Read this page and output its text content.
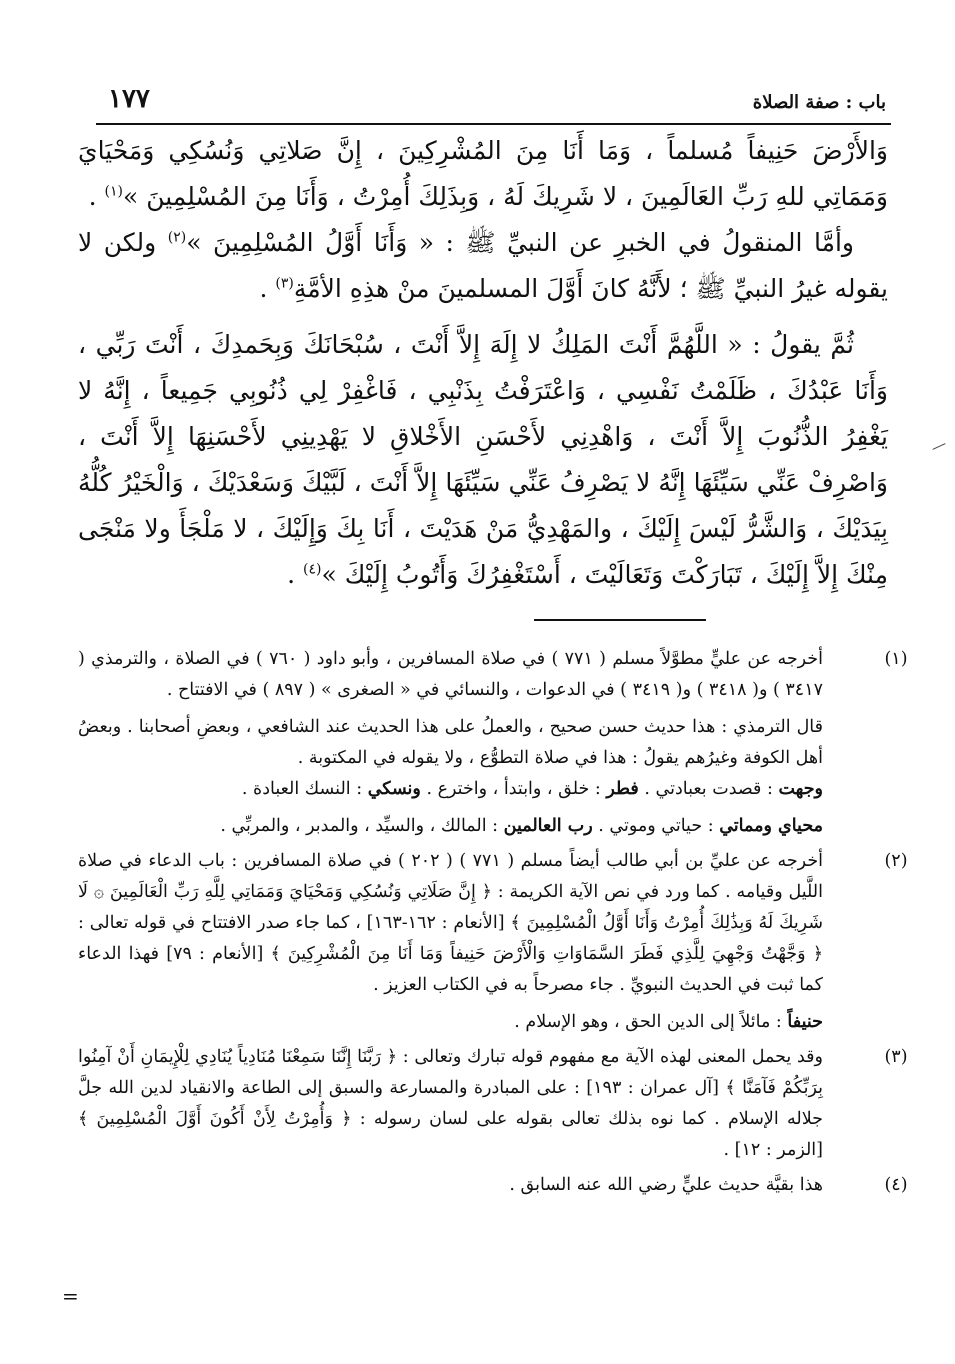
باب : صفة الصلاة
١٧٧

وَالأَرْضَ حَنِيفاً مُسلماً ، وَمَا أَنَا مِنَ المُشْرِكِينَ ، إِنَّ صَلاتِي وَنُسُكِي وَمَحْيَايَ وَمَمَاتِي للهِ رَبِّ العَالَمِينَ ، لا شَرِيكَ لَهُ ، وَبِذَلِكَ أُمِرْتُ ، وَأَنَا مِنَ المُسْلِمِينَ »$^{(١)}$ .

وأمَّا المنقولُ في الخبرِ عن النبيِّ ﷺ : « وَأَنَا أَوَّلُ المُسْلِمِينَ »$^{(٢)}$ ولكن لا يقوله غيرُ النبيِّ ﷺ ؛ لأَنَّهُ كانَ أَوَّلَ المسلمينَ منْ هذِهِ الأمَّةِ$^{(٣)}$ .

ثُمَّ يقولُ : « اللَّهُمَّ أَنْتَ المَلِكُ لا إِلَهَ إِلاَّ أَنْتَ ، سُبْحَانَكَ وَبِحَمدِكَ ، أَنْتَ رَبِّي ، وَأَنَا عَبْدُكَ ، ظَلَمْتُ نَفْسِي ، وَاعْتَرَفْتُ بِذَنْبِي ، فَاغْفِرْ لِي ذُنُوبِي جَمِيعاً ، إِنَّهُ لا يَغْفِرُ الذُّنُوبَ إِلاَّ أَنْتَ ، وَاهْدِنِي لأَحْسَنِ الأَخْلاقِ لا يَهْدِينِي لأَحْسَنِهَا إِلاَّ أَنْتَ ، وَاصْرِفْ عَنِّي سَيِّئَهَا إِنَّهُ لا يَصْرِفُ عَنِّي سَيِّئَهَا إِلاَّ أَنْتَ ، لَبَّيْكَ وَسَعْدَيْكَ ، وَالْخَيْرُ كُلُّهُ بِيَدَيْكَ ، وَالشَّرُّ لَيْسَ إِلَيْكَ ، والمَهْدِيُّ مَنْ هَدَيْتَ ، أَنَا بِكَ وَإِلَيْكَ ، لا مَلْجَأَ ولا مَنْجَى مِنْكَ إِلاَّ إِلَيْكَ ، تَبَارَكْتَ وَتَعَالَيْتَ ، أَسْتَغْفِرُكَ وَأَتُوبُ إِلَيْكَ »$^{(٤)}$ .

(١)

أخرجه عن عليٍّ مطوَّلاً مسلم ( ٧٧١ ) في صلاة المسافرين ، وأبو داود ( ٧٦٠ ) في الصلاة ، والترمذي ( ٣٤١٧ ) و( ٣٤١٨ ) و( ٣٤١٩ ) في الدعوات ، والنسائي في « الصغرى » ( ٨٩٧ ) في الافتتاح .

قال الترمذي : هذا حديث حسن صحيح ، والعملُ على هذا الحديث عند الشافعي ، وبعضِ أصحابنا . وبعضُ أهل الكوفة وغيرُهم يقولُ : هذا في صلاة التطوُّع ، ولا يقوله في المكتوبة .

وجهت : قصدت بعبادتي . فطر : خلق ، وابتدأ ، واخترع . ونسكي : النسك العبادة .

محياي ومماتي : حياتي وموتي . رب العالمين : المالك ، والسيِّد ، والمدبر ، والمربِّي .

(٢)

أخرجه عن عليِّ بن أبي طالب أيضاً مسلم ( ٧٧١ ) ( ٢٠٢ ) في صلاة المسافرين : باب الدعاء في صلاة اللَّيل وقيامه . كما ورد في نص الآية الكريمة : ﴿ إِنَّ صَلَاتِي وَنُسُكِي وَمَحْيَايَ وَمَمَاتِي لِلَّهِ رَبِّ الْعَالَمِينَ ۞ لَا شَرِيكَ لَهُ وَبِذَٰلِكَ أُمِرْتُ وَأَنَا أَوَّلُ الْمُسْلِمِينَ ﴾ [الأنعام : ١٦٢-١٦٣] ، كما جاء صدر الافتتاح في قوله تعالى : ﴿ وَجَّهْتُ وَجْهِيَ لِلَّذِي فَطَرَ السَّمَاوَاتِ وَالْأَرْضَ حَنِيفاً وَمَا أَنَا مِنَ الْمُشْرِكِينَ ﴾ [الأنعام : ٧٩] فهذا الدعاء كما ثبت في الحديث النبويِّ . جاء مصرحاً به في الكتاب العزيز .

حنيفاً : مائلاً إلى الدين الحق ، وهو الإسلام .

(٣)

وقد يحمل المعنى لهذه الآية مع مفهوم قوله تبارك وتعالى : ﴿ رَبَّنَا إِنَّنَا سَمِعْنَا مُنَادِياً يُنَادِي لِلْإِيمَانِ أَنْ آمِنُوا بِرَبِّكُمْ فَآمَنَّا ﴾ [آل عمران : ١٩٣] : على المبادرة والمسارعة والسبق إلى الطاعة والانقياد لدين الله جلَّ جلاله الإسلام . كما نوه بذلك تعالى بقوله على لسان رسوله : ﴿ وَأُمِرْتُ لِأَنْ أَكُونَ أَوَّلَ الْمُسْلِمِينَ ﴾ [الزمر : ١٢] .

(٤)

هذا بقيَّة حديث عليٍّ رضي الله عنه السابق .

=
